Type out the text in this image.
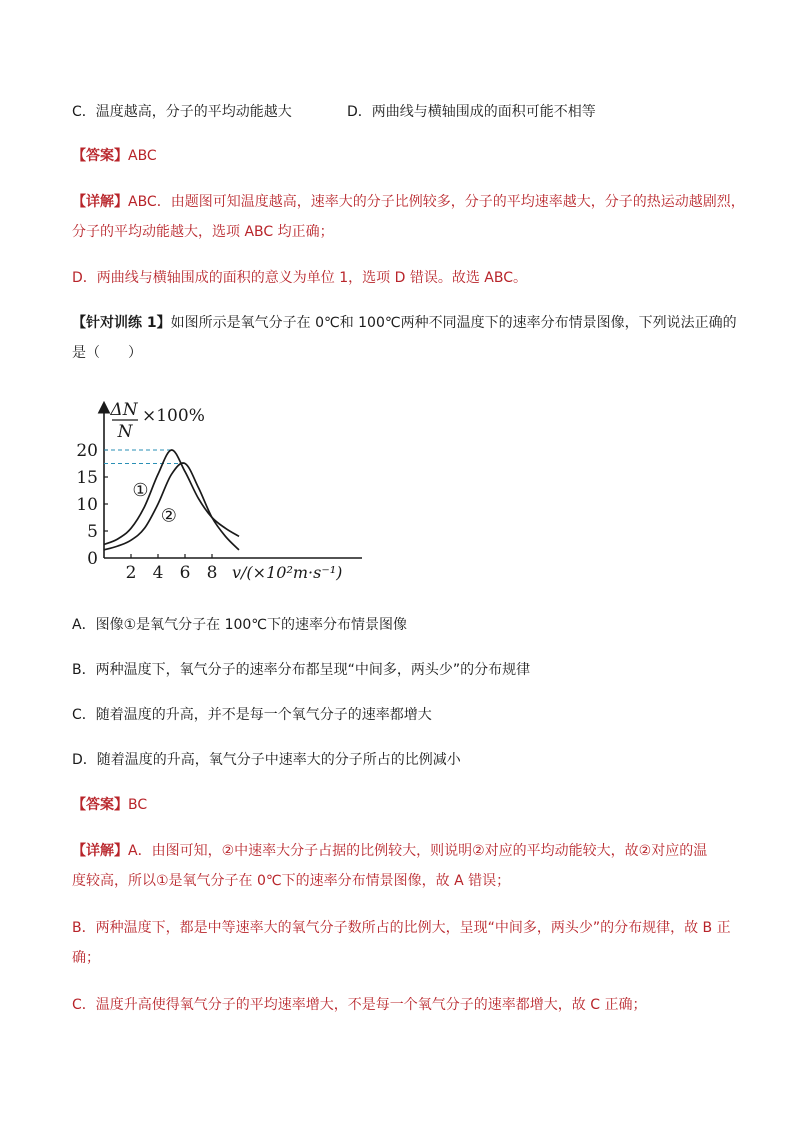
C．温度越高，分子的平均动能越大	D．两曲线与横轴围成的面积可能不相等
【答案】ABC
【详解】ABC．由题图可知温度越高，速率大的分子比例较多，分子的平均速率越大，分子的热运动越剧烈，
分子的平均动能越大，选项 ABC 均正确；
D．两曲线与横轴围成的面积的意义为单位 1，选项 D 错误。故选 ABC。
【针对训练 1】如图所示是氧气分子在 0℃和 100℃两种不同温度下的速率分布情景图像，下列说法正确的
是（　　）
2 4 6 8
0
5
10
15
20
v/(×10²m·s⁻¹)
ΔN
N
×100%
①
②
A．图像①是氧气分子在 100℃下的速率分布情景图像
B．两种温度下，氧气分子的速率分布都呈现“中间多，两头少”的分布规律
C．随着温度的升高，并不是每一个氧气分子的速率都增大
D．随着温度的升高，氧气分子中速率大的分子所占的比例减小
【答案】BC
【详解】A．由图可知，②中速率大分子占据的比例较大，则说明②对应的平均动能较大，故②对应的温
度较高，所以①是氧气分子在 0℃下的速率分布情景图像，故 A 错误；
B．两种温度下，都是中等速率大的氧气分子数所占的比例大，呈现“中间多，两头少”的分布规律，故 B 正
确；
C．温度升高使得氧气分子的平均速率增大，不是每一个氧气分子的速率都增大，故 C 正确；
